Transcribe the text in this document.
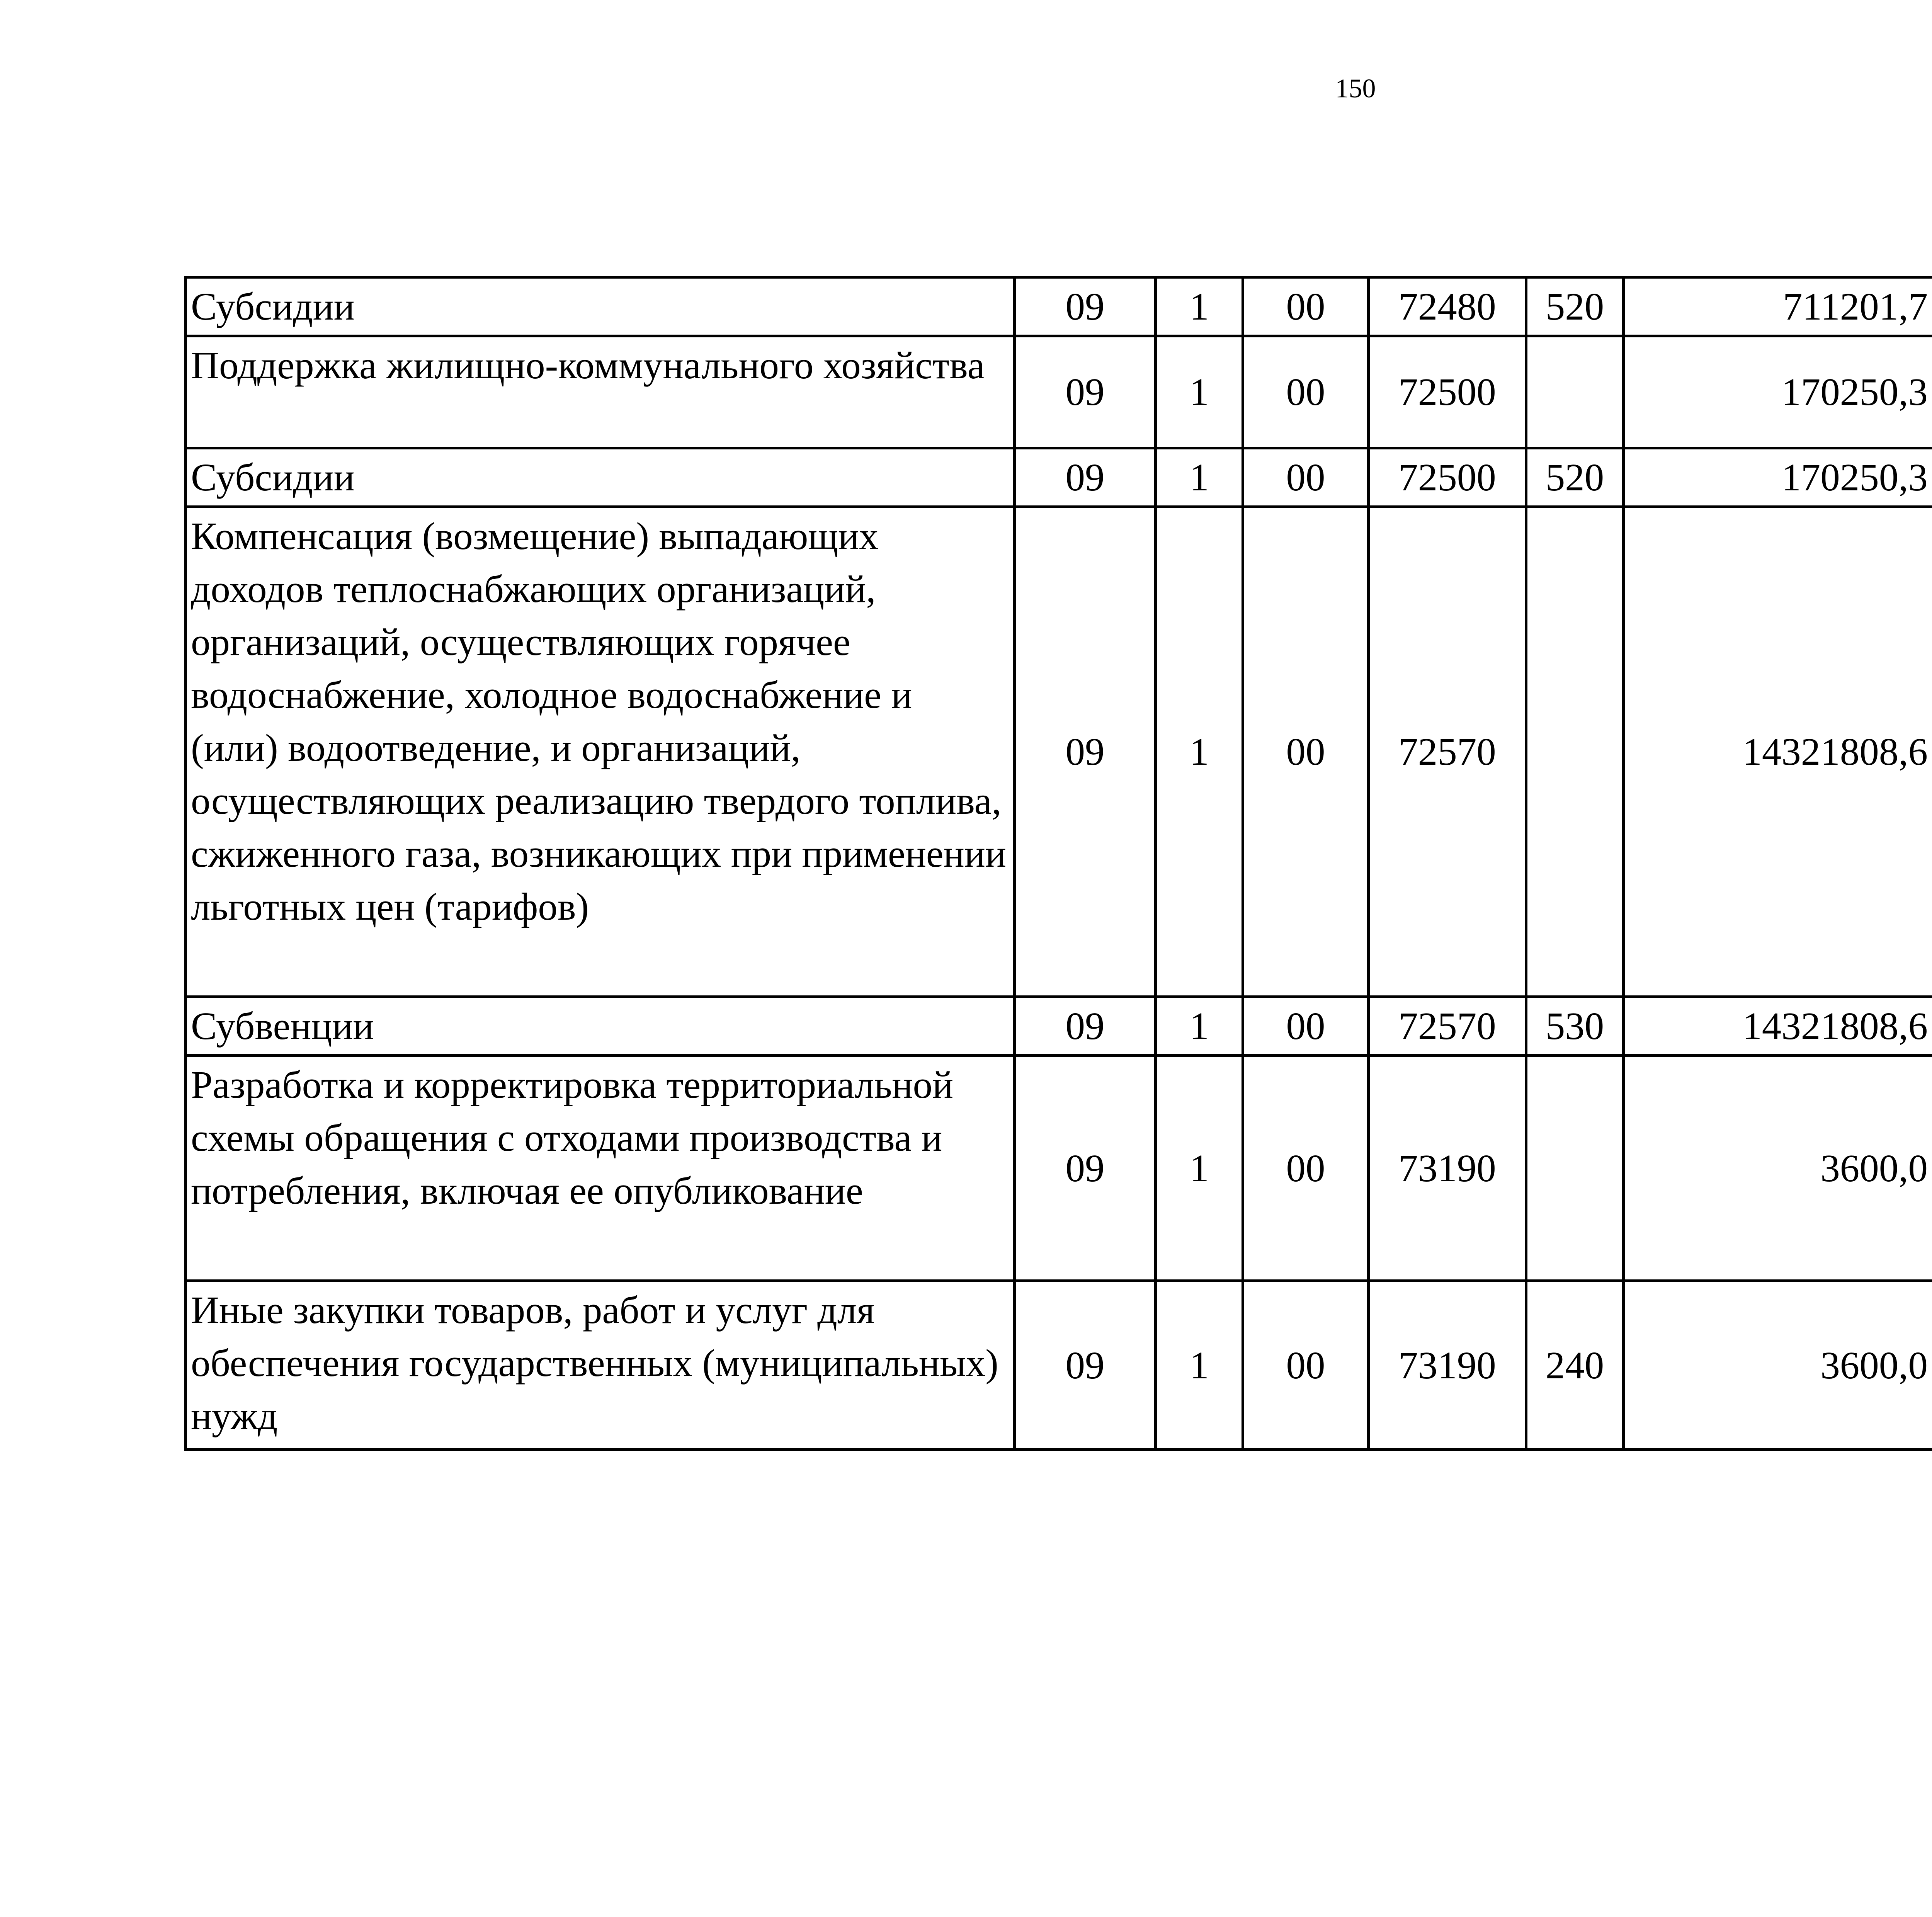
150
Субсидии	09	1	00	72480	520	711201,7		
Поддержка жилищно-коммунального хозяйства	09	1	00	72500		170250,3		
Субсидии	09	1	00	72500	520	170250,3		
Компенсация (возмещение) выпадающих доходов теплоснабжающих организаций, организаций, осуществляющих горячее водоснабжение, холодное водоснабжение и (или) водоотведение, и организаций, осуществляющих реализацию твердого топлива, сжиженного газа, возникающих при применении льготных цен (тарифов)	09	1	00	72570		14321808,6		
Субвенции	09	1	00	72570	530	14321808,6		
Разработка и корректировка территориальной схемы обращения с отходами производства и потребления, включая ее опубликование	09	1	00	73190		3600,0		
Иные закупки товаров, работ и услуг для обеспечения государственных (муниципальных) нужд	09	1	00	73190	240	3600,0		
